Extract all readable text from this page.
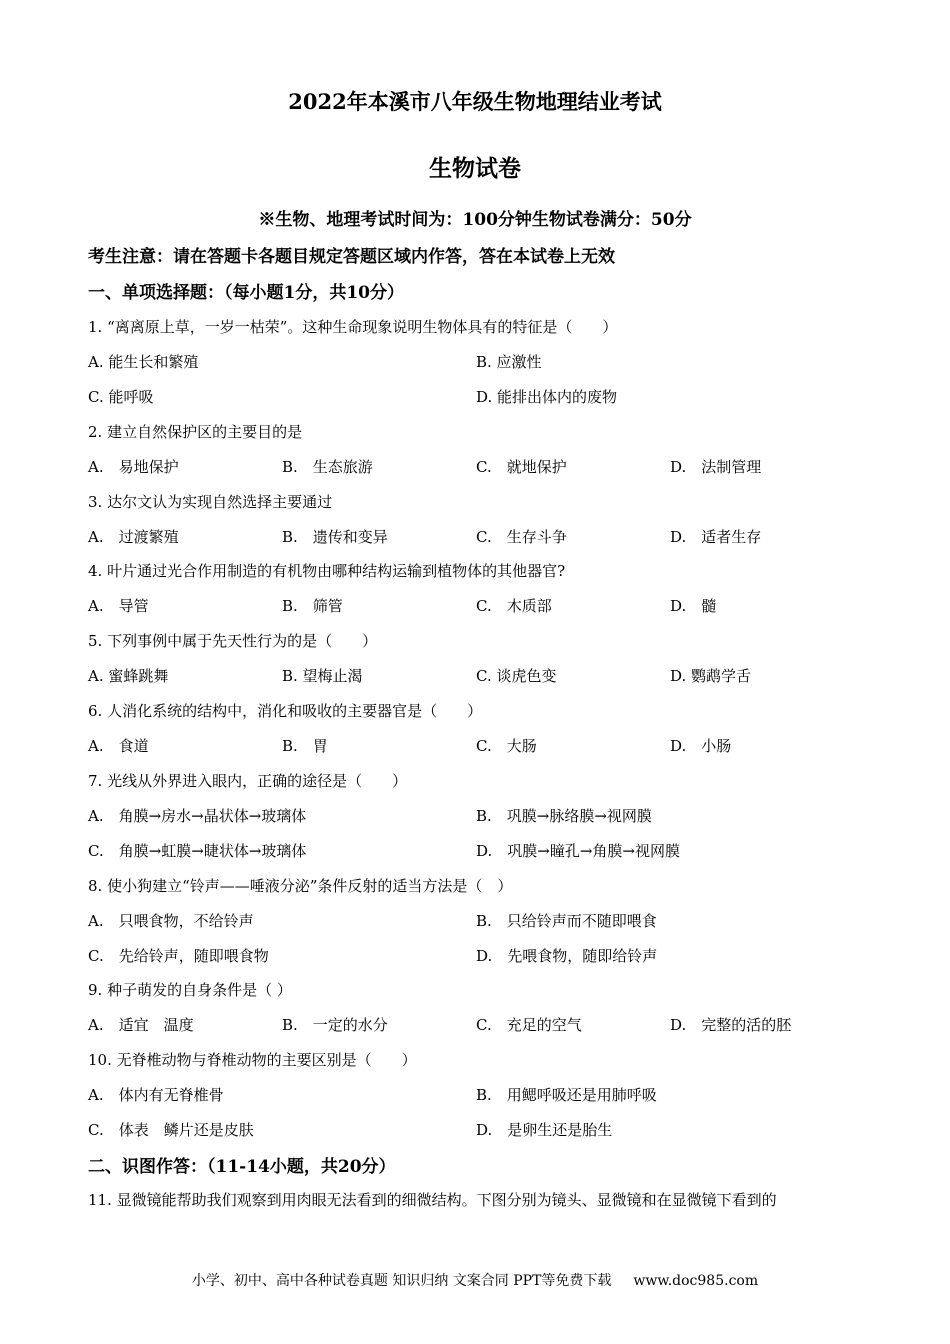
2022年本溪市八年级生物地理结业考试
生物试卷
※生物、地理考试时间为：100分钟生物试卷满分：50分
考生注意：请在答题卡各题目规定答题区域内作答，答在本试卷上无效
一、单项选择题：（每小题1分，共10分）
1. “离离原上草，一岁一枯荣”。这种生命现象说明生物体具有的特征是（　　）
A. 能生长和繁殖	B. 应激性
C. 能呼吸	D. 能排出体内的废物
2. 建立自然保护区的主要目的是
A.　易地保护	B.　生态旅游	C.　就地保护	D.　法制管理
3. 达尔文认为实现自然选择主要通过
A.　过渡繁殖	B.　遗传和变异	C.　生存斗争	D.　适者生存
4. 叶片通过光合作用制造的有机物由哪种结构运输到植物体的其他器官?
A.　导管	B.　筛管	C.　木质部	D.　髓
5. 下列事例中属于先天性行为的是（　　）
A. 蜜蜂跳舞	B. 望梅止渴	C. 谈虎色变	D. 鹦鹉学舌
6. 人消化系统的结构中，消化和吸收的主要器官是（　　）
A.　食道	B.　胃	C.　大肠	D.　小肠
7. 光线从外界进入眼内，正确的途径是（　　）
A.　角膜→房水→晶状体→玻璃体	B.　巩膜→脉络膜→视网膜
C.　角膜→虹膜→睫状体→玻璃体	D.　巩膜→瞳孔→角膜→视网膜
8. 使小狗建立“铃声——唾液分泌”条件反射的适当方法是（　）
A.　只喂食物，不给铃声	B.　只给铃声而不随即喂食
C.　先给铃声，随即喂食物	D.　先喂食物，随即给铃声
9. 种子萌发的自身条件是（ ）
A.　适宜　温度	B.　一定的水分	C.　充足的空气	D.　完整的活的胚
10. 无脊椎动物与脊椎动物的主要区别是（　　）
A.　体内有无脊椎骨	B.　用鳃呼吸还是用肺呼吸
C.　体表　鳞片还是皮肤	D.　是卵生还是胎生
二、识图作答：（11-14小题，共20分）
11. 显微镜能帮助我们观察到用肉眼无法看到的细微结构。下图分别为镜头、显微镜和在显微镜下看到的
小学、初中、高中各种试卷真题 知识归纳 文案合同 PPT等免费下载 www.doc985.com
